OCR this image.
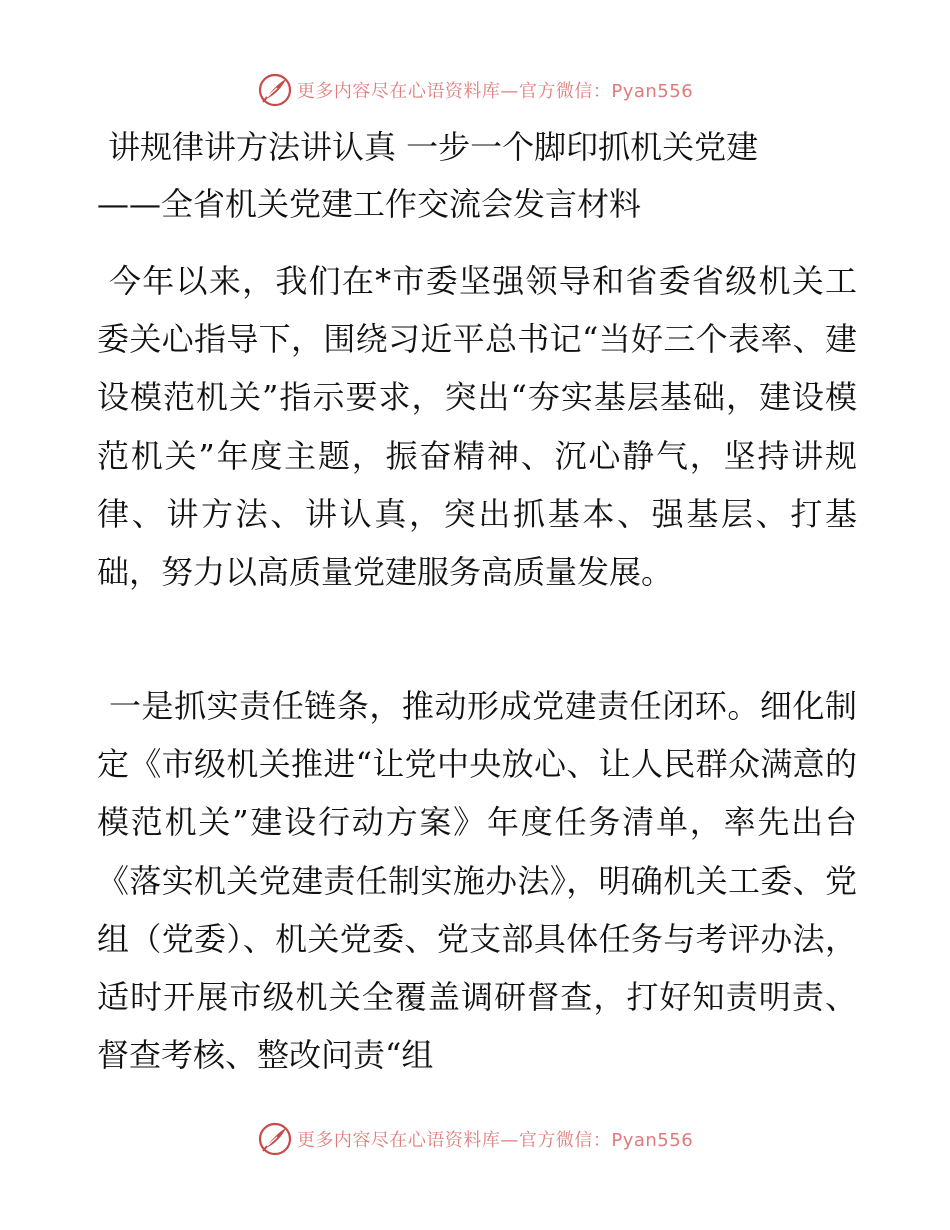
更多内容尽在心语资料库—官方微信：Pyan556
讲规律讲方法讲认真 一步一个脚印抓机关党建
——全省机关党建工作交流会发言材料
今年以来，我们在*市委坚强领导和省委省级机关工委关心指导下，围绕习近平总书记“当好三个表率、建设模范机关”指示要求，突出“夯实基层基础，建设模范机关”年度主题，振奋精神、沉心静气，坚持讲规律、讲方法、讲认真，突出抓基本、强基层、打基础，努力以高质量党建服务高质量发展。
一是抓实责任链条，推动形成党建责任闭环。细化制定《市级机关推进“让党中央放心、让人民群众满意的模范机关”建设行动方案》年度任务清单，率先出台《落实机关党建责任制实施办法》，明确机关工委、党组（党委）、机关党委、党支部具体任务与考评办法，适时开展市级机关全覆盖调研督查，打好知责明责、督查考核、整改问责“组
更多内容尽在心语资料库—官方微信：Pyan556
